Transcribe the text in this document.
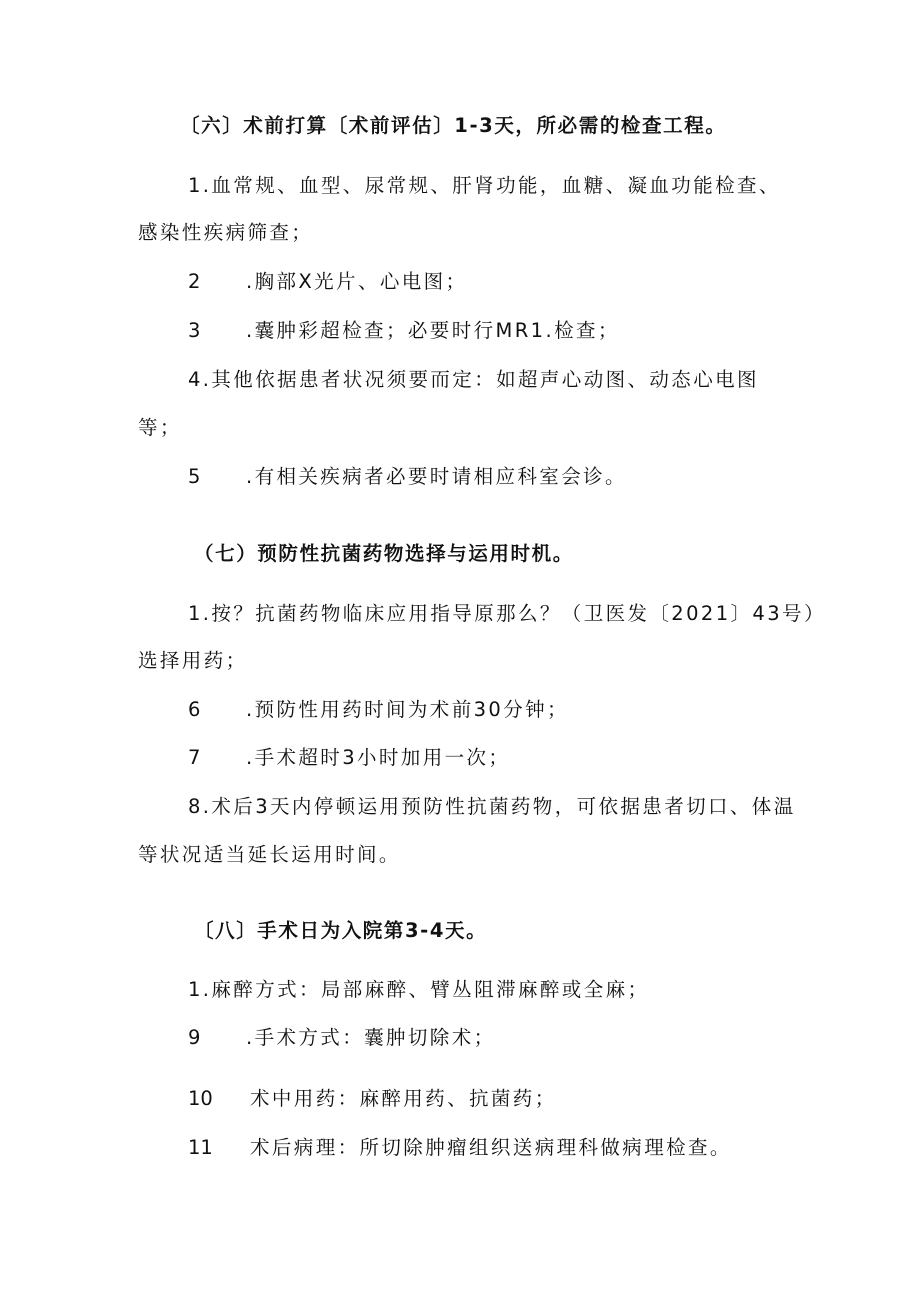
〔六〕术前打算〔术前评估〕1-3天，所必需的检查工程。
1.血常规、血型、尿常规、肝肾功能，血糖、凝血功能检查、
感染性疾病筛查；
2 .胸部X光片、心电图；
3 .囊肿彩超检查；必要时行MR1.检查；
4.其他依据患者状况须要而定：如超声心动图、动态心电图
等；
5 .有相关疾病者必要时请相应科室会诊。
（七）预防性抗菌药物选择与运用时机。
1.按？抗菌药物临床应用指导原那么？（卫医发〔2021〕43号）
选择用药；
6 .预防性用药时间为术前30分钟；
7 .手术超时3小时加用一次；
8.术后3天内停顿运用预防性抗菌药物，可依据患者切口、体温
等状况适当延长运用时间。
〔八〕手术日为入院第3-4天。
1.麻醉方式：局部麻醉、臂丛阻滞麻醉或全麻；
9 .手术方式：囊肿切除术；
10 术中用药：麻醉用药、抗菌药；
11 术后病理：所切除肿瘤组织送病理科做病理检查。
